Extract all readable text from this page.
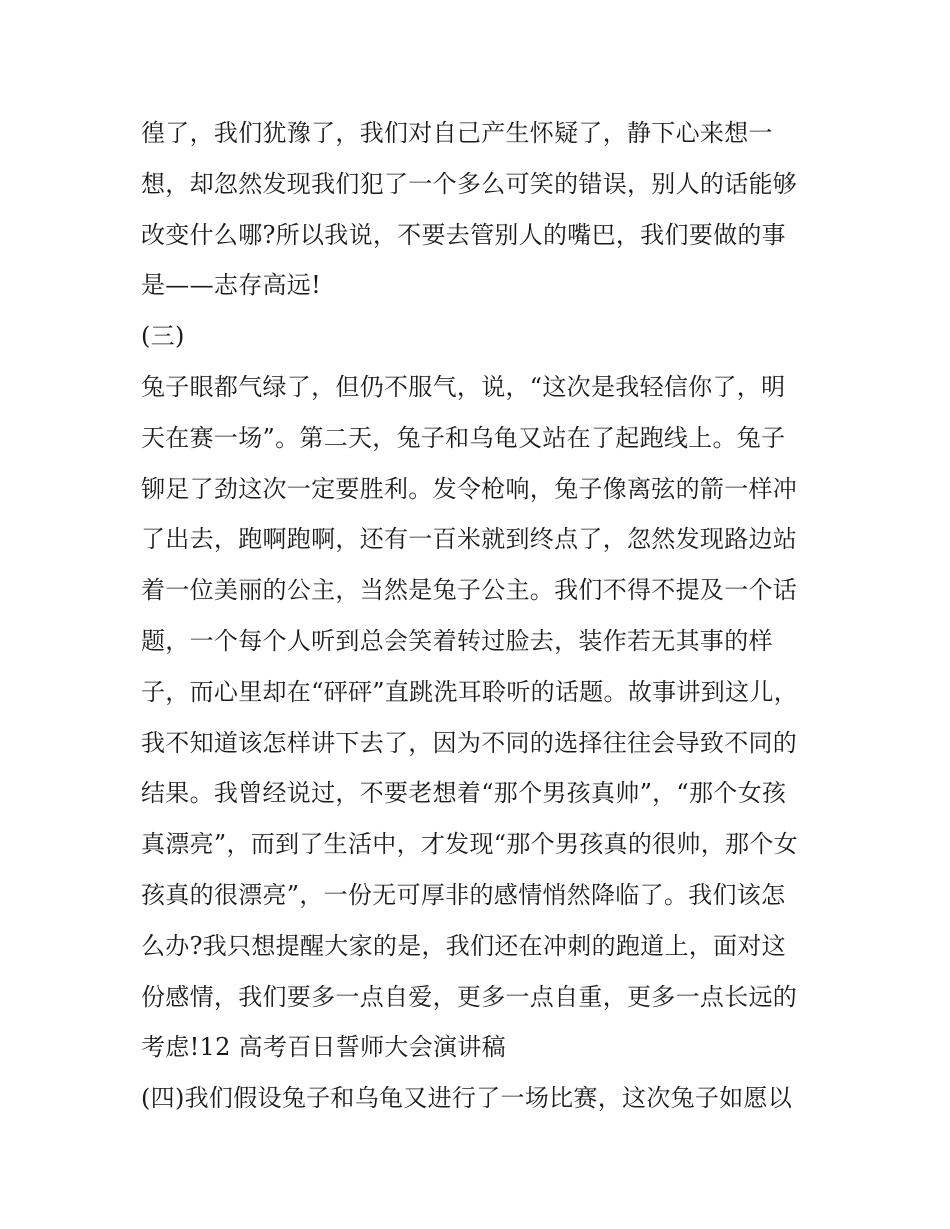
徨了，我们犹豫了，我们对自己产生怀疑了，静下心来想一
想，却忽然发现我们犯了一个多么可笑的错误，别人的话能够
改变什么哪?所以我说，不要去管别人的嘴巴，我们要做的事
是——志存高远!
(三)
兔子眼都气绿了，但仍不服气，说，“这次是我轻信你了，明
天在赛一场”。第二天，兔子和乌龟又站在了起跑线上。兔子
铆足了劲这次一定要胜利。发令枪响，兔子像离弦的箭一样冲
了出去，跑啊跑啊，还有一百米就到终点了，忽然发现路边站
着一位美丽的公主，当然是兔子公主。我们不得不提及一个话
题，一个每个人听到总会笑着转过脸去，装作若无其事的样
子，而心里却在“砰砰”直跳洗耳聆听的话题。故事讲到这儿，
我不知道该怎样讲下去了，因为不同的选择往往会导致不同的
结果。我曾经说过，不要老想着“那个男孩真帅”，“那个女孩
真漂亮”，而到了生活中，才发现“那个男孩真的很帅，那个女
孩真的很漂亮”，一份无可厚非的感情悄然降临了。我们该怎
么办?我只想提醒大家的是，我们还在冲刺的跑道上，面对这
份感情，我们要多一点自爱，更多一点自重，更多一点长远的
考虑!12 高考百日誓师大会演讲稿
(四)我们假设兔子和乌龟又进行了一场比赛，这次兔子如愿以
